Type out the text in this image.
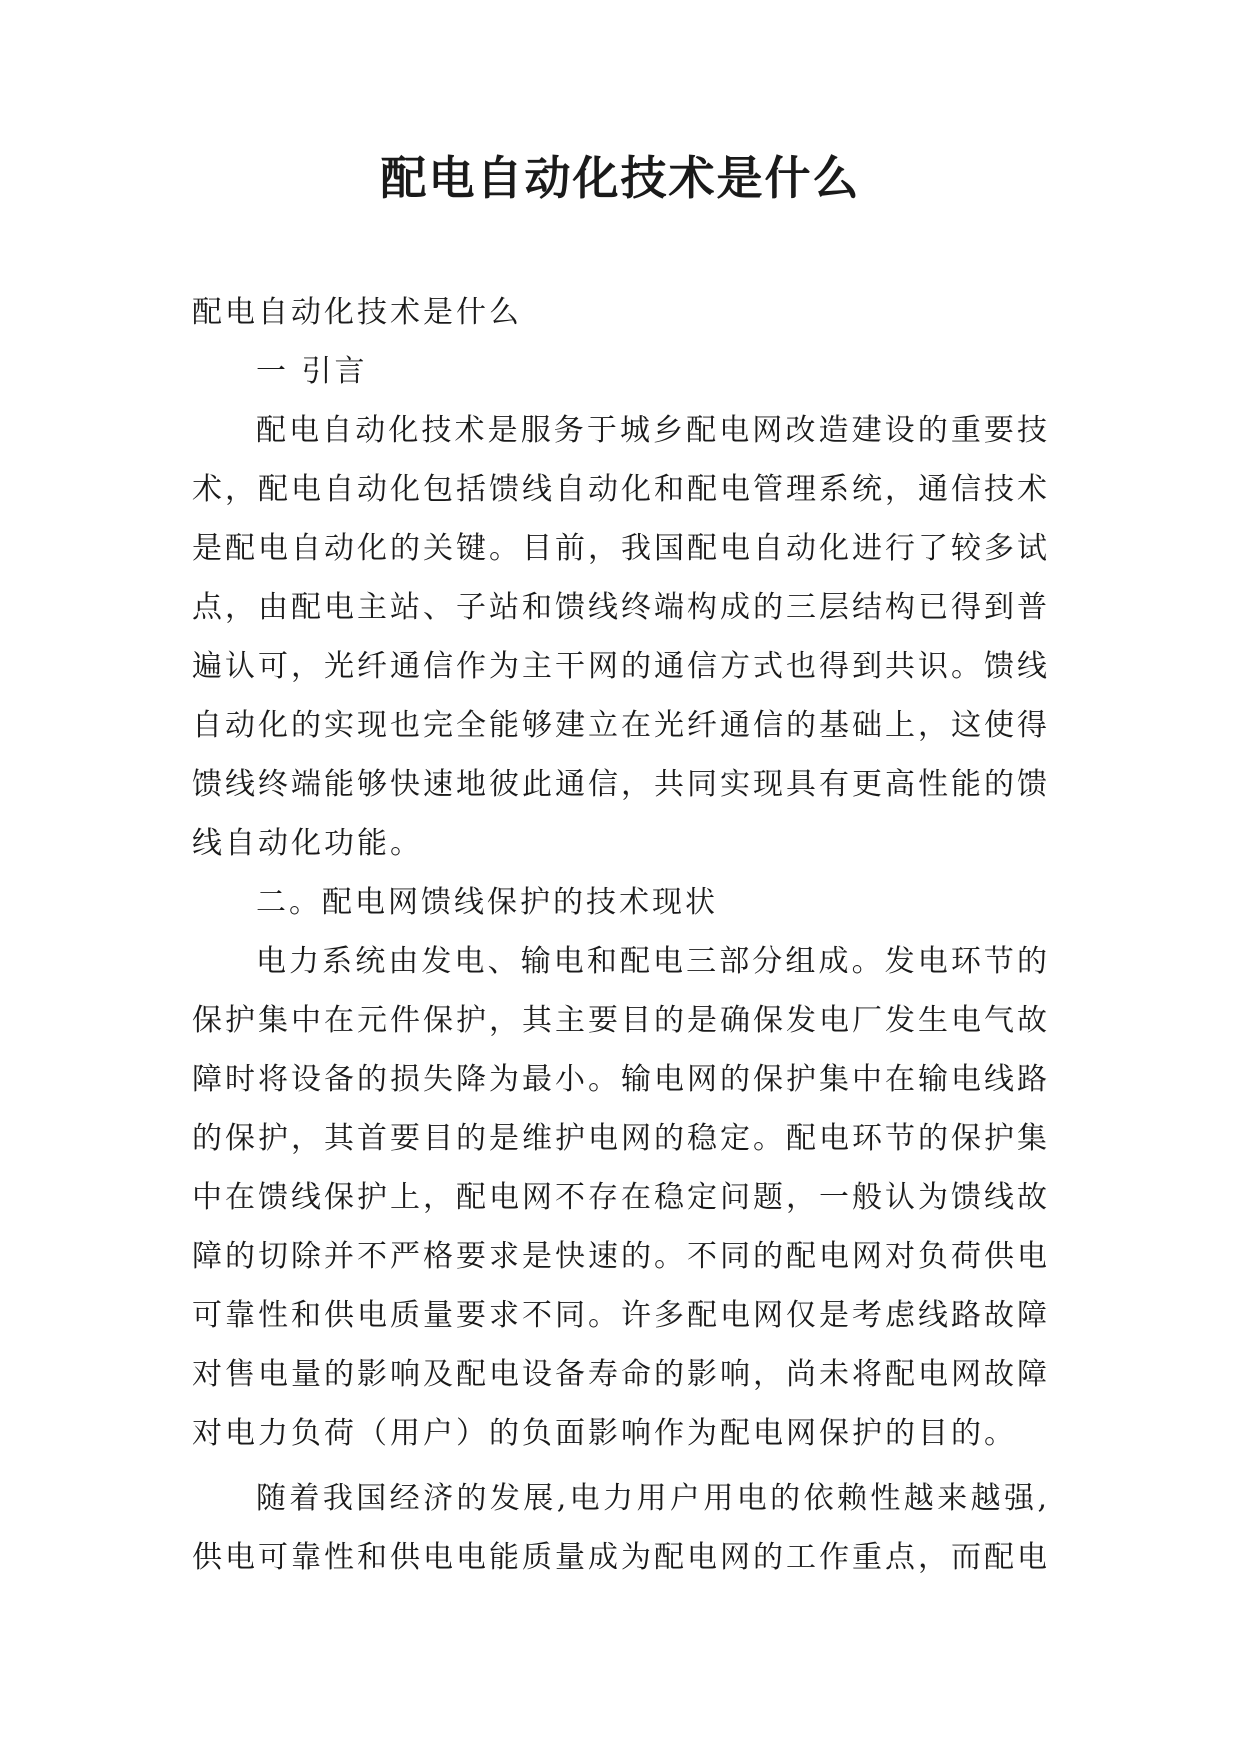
配电自动化技术是什么

配电自动化技术是什么

一 引言

配电自动化技术是服务于城乡配电网改造建设的重要技术，配电自动化包括馈线自动化和配电管理系统，通信技术是配电自动化的关键。目前，我国配电自动化进行了较多试点，由配电主站、子站和馈线终端构成的三层结构已得到普遍认可，光纤通信作为主干网的通信方式也得到共识。馈线自动化的实现也完全能够建立在光纤通信的基础上，这使得馈线终端能够快速地彼此通信，共同实现具有更高性能的馈线自动化功能。

二。配电网馈线保护的技术现状

电力系统由发电、输电和配电三部分组成。发电环节的保护集中在元件保护，其主要目的是确保发电厂发生电气故障时将设备的损失降为最小。输电网的保护集中在输电线路的保护，其首要目的是维护电网的稳定。配电环节的保护集中在馈线保护上，配电网不存在稳定问题，一般认为馈线故障的切除并不严格要求是快速的。不同的配电网对负荷供电可靠性和供电质量要求不同。许多配电网仅是考虑线路故障对售电量的影响及配电设备寿命的影响，尚未将配电网故障对电力负荷（用户）的负面影响作为配电网保护的目的。

随着我国经济的发展,电力用户用电的依赖性越来越强,供电可靠性和供电电能质量成为配电网的工作重点，而配电
